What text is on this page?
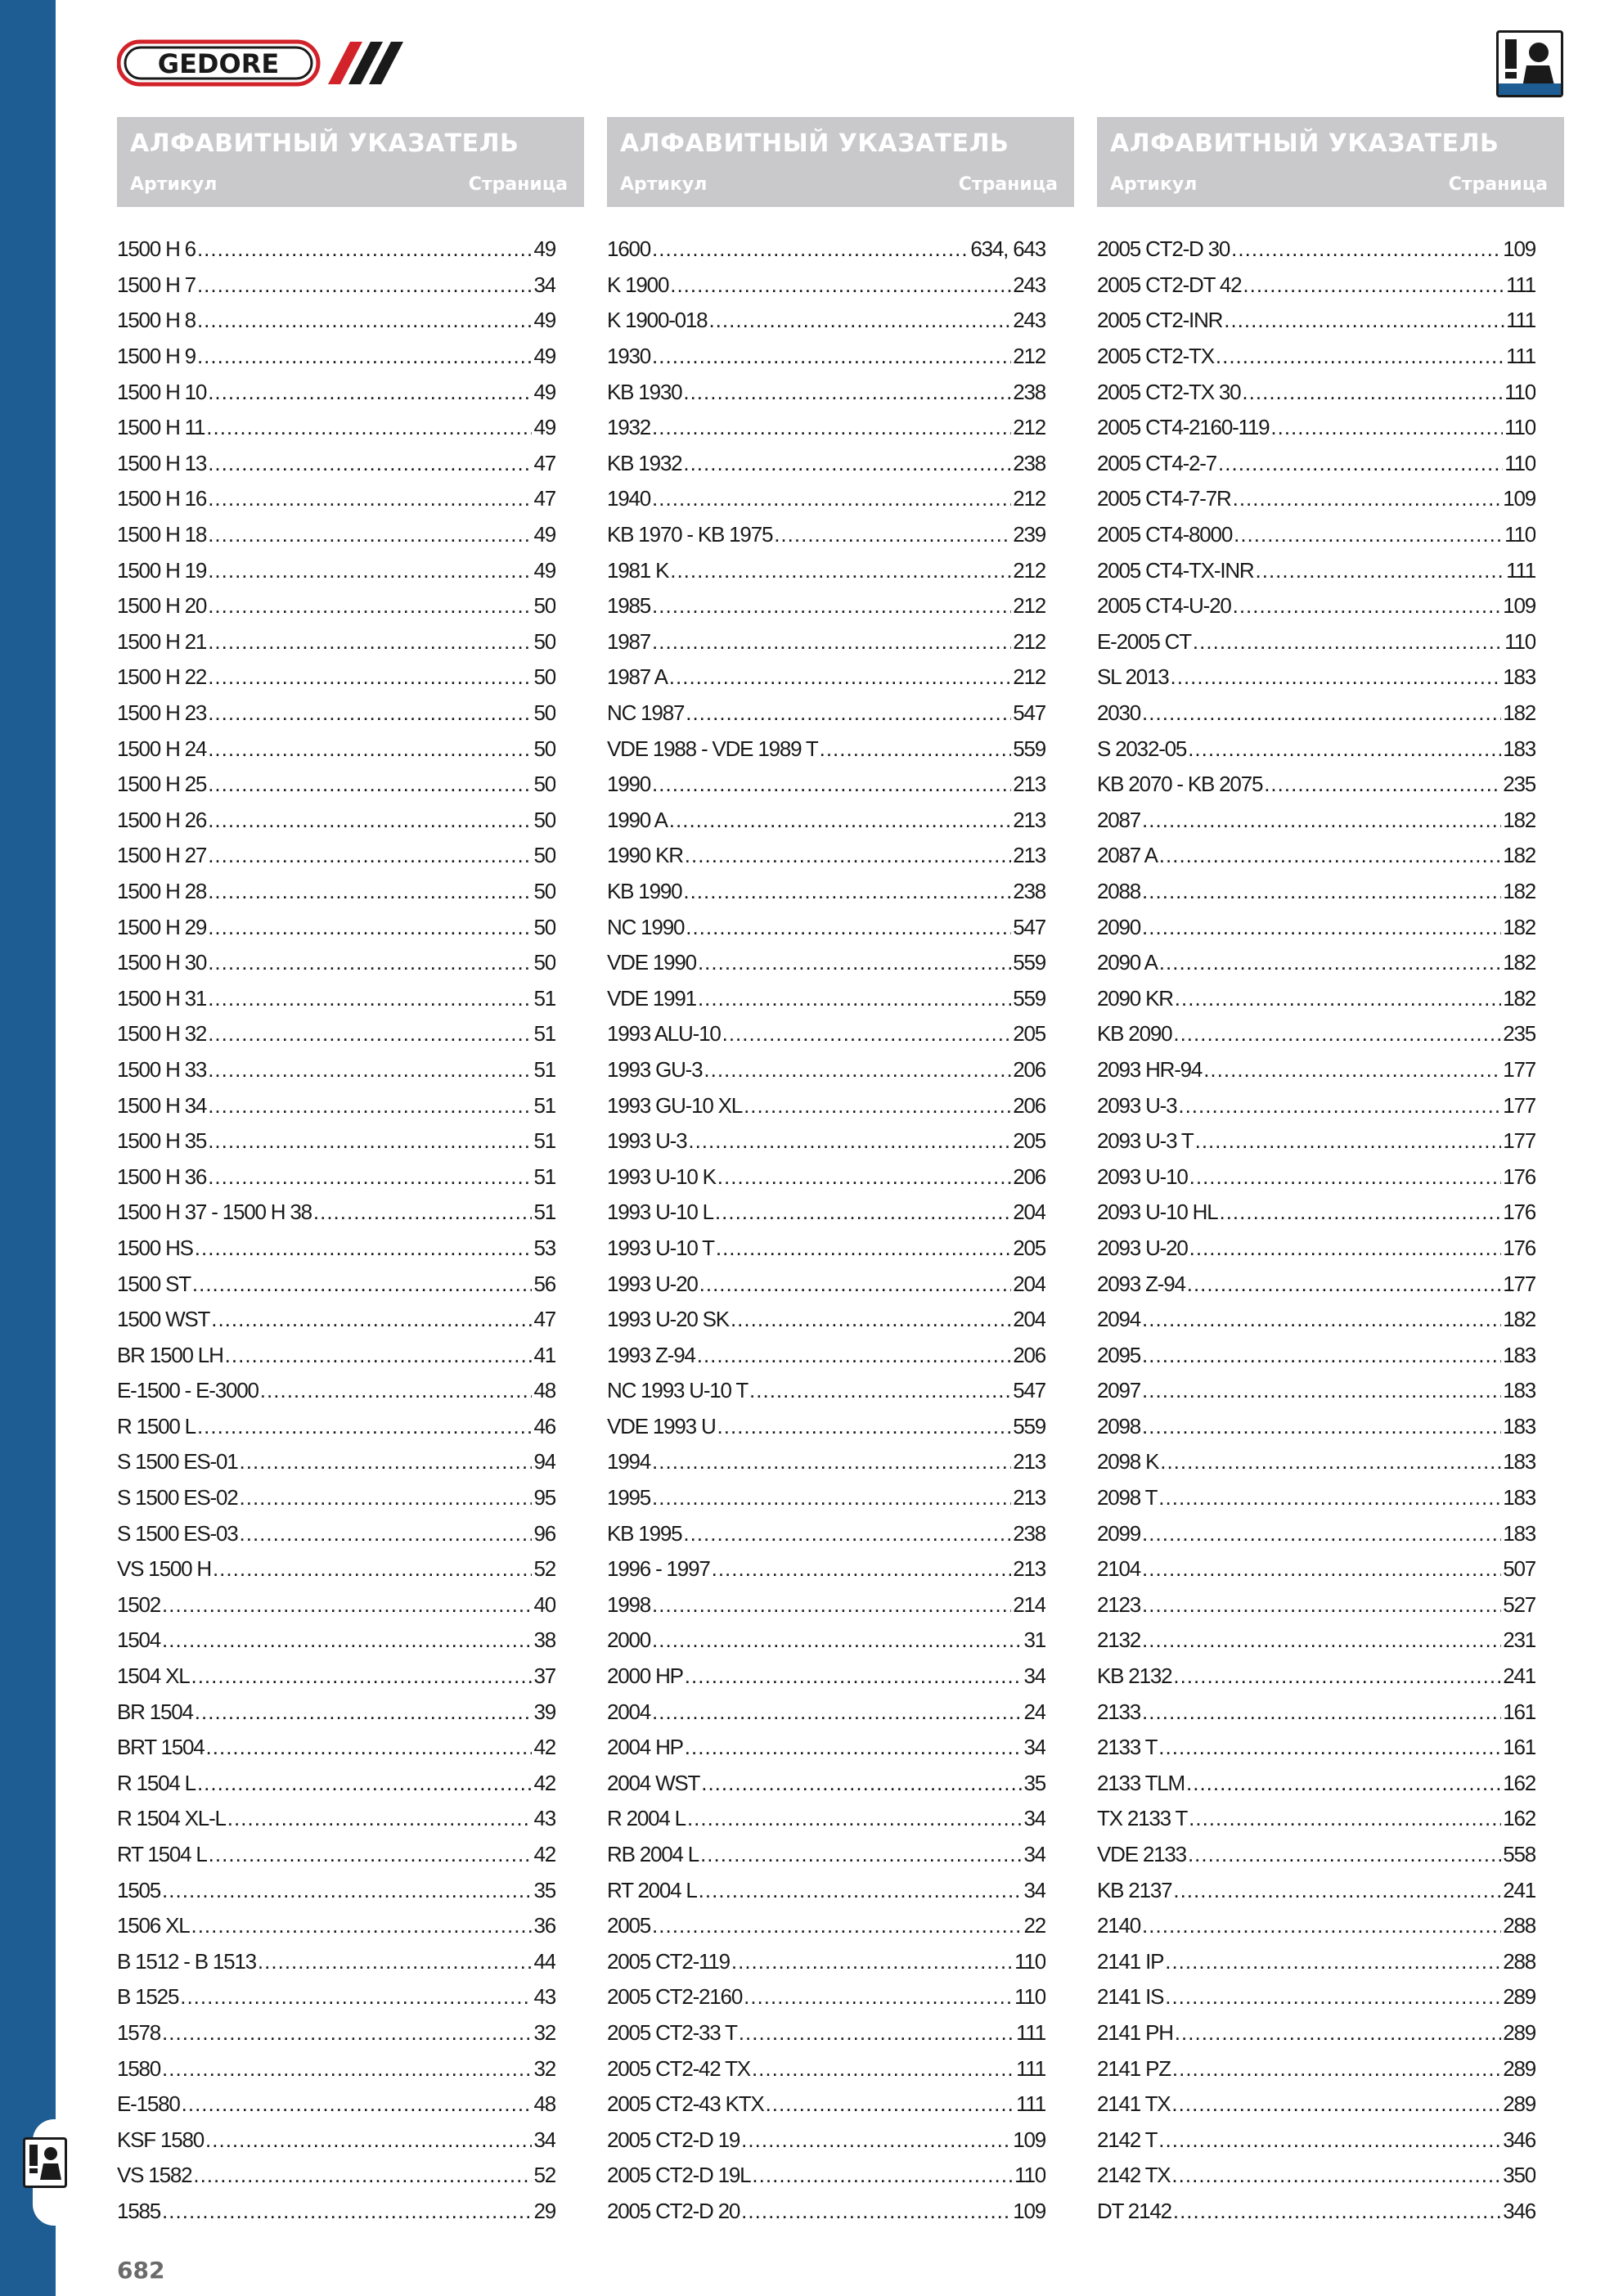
GEDORE
АЛФАВИТНЫЙ УКАЗАТЕЛЬ
Артикул	Страница
АЛФАВИТНЫЙ УКАЗАТЕЛЬ
Артикул	Страница
АЛФАВИТНЫЙ УКАЗАТЕЛЬ
Артикул	Страница
1500 H 6 .....	49
1500 H 7 .....	34
1500 H 8 .....	49
1500 H 9 .....	49
1500 H 10 .....	49
1500 H 11 .....	49
1500 H 13 .....	47
1500 H 16 .....	47
1500 H 18 .....	49
1500 H 19 .....	49
1500 H 20 .....	50
1500 H 21 .....	50
1500 H 22 .....	50
1500 H 23 .....	50
1500 H 24 .....	50
1500 H 25 .....	50
1500 H 26 .....	50
1500 H 27 .....	50
1500 H 28 .....	50
1500 H 29 .....	50
1500 H 30 .....	50
1500 H 31 .....	51
1500 H 32 .....	51
1500 H 33 .....	51
1500 H 34 .....	51
1500 H 35 .....	51
1500 H 36 .....	51
1500 H 37 - 1500 H 38 .....	51
1500 HS .....	53
1500 ST .....	56
1500 WST .....	47
BR 1500 LH .....	41
E-1500 - E-3000 .....	48
R 1500 L .....	46
S 1500 ES-01 .....	94
S 1500 ES-02 .....	95
S 1500 ES-03 .....	96
VS 1500 H .....	52
1502 .....	40
1504 .....	38
1504 XL .....	37
BR 1504 .....	39
BRT 1504 .....	42
R 1504 L .....	42
R 1504 XL-L .....	43
RT 1504 L .....	42
1505 .....	35
1506 XL .....	36
B 1512 - B 1513 .....	44
B 1525 .....	43
1578 .....	32
1580 .....	32
E-1580 .....	48
KSF 1580 .....	34
VS 1582 .....	52
1585 .....	29
1600 .....	634, 643
K 1900 .....	243
K 1900-018 .....	243
1930 .....	212
KB 1930 .....	238
1932 .....	212
KB 1932 .....	238
1940 .....	212
KB 1970 - KB 1975 .....	239
1981 K .....	212
1985 .....	212
1987 .....	212
1987 A .....	212
NC 1987 .....	547
VDE 1988 - VDE 1989 T .....	559
1990 .....	213
1990 A .....	213
1990 KR .....	213
KB 1990 .....	238
NC 1990 .....	547
VDE 1990 .....	559
VDE 1991 .....	559
1993 ALU-10 .....	205
1993 GU-3 .....	206
1993 GU-10 XL .....	206
1993 U-3 .....	205
1993 U-10 K .....	206
1993 U-10 L .....	204
1993 U-10 T .....	205
1993 U-20 .....	204
1993 U-20 SK .....	204
1993 Z-94 .....	206
NC 1993 U-10 T .....	547
VDE 1993 U .....	559
1994 .....	213
1995 .....	213
KB 1995 .....	238
1996 - 1997 .....	213
1998 .....	214
2000 .....	31
2000 HP .....	34
2004 .....	24
2004 HP .....	34
2004 WST .....	35
R 2004 L .....	34
RB 2004 L .....	34
RT 2004 L .....	34
2005 .....	22
2005 CT2-119 .....	110
2005 CT2-2160 .....	110
2005 CT2-33 T .....	111
2005 CT2-42 TX .....	111
2005 CT2-43 KTX .....	111
2005 CT2-D 19 .....	109
2005 CT2-D 19L .....	110
2005 CT2-D 20 .....	109
2005 CT2-D 30 .....	109
2005 CT2-DT 42 .....	111
2005 CT2-INR .....	111
2005 CT2-TX .....	111
2005 CT2-TX 30 .....	110
2005 CT4-2160-119 .....	110
2005 CT4-2-7 .....	110
2005 CT4-7-7R .....	109
2005 CT4-8000 .....	110
2005 CT4-TX-INR .....	111
2005 CT4-U-20 .....	109
E-2005 CT .....	110
SL 2013 .....	183
2030 .....	182
S 2032-05 .....	183
KB 2070 - KB 2075 .....	235
2087 .....	182
2087 A .....	182
2088 .....	182
2090 .....	182
2090 A .....	182
2090 KR .....	182
KB 2090 .....	235
2093 HR-94 .....	177
2093 U-3 .....	177
2093 U-3 T .....	177
2093 U-10 .....	176
2093 U-10 HL .....	176
2093 U-20 .....	176
2093 Z-94 .....	177
2094 .....	182
2095 .....	183
2097 .....	183
2098 .....	183
2098 K .....	183
2098 T .....	183
2099 .....	183
2104 .....	507
2123 .....	527
2132 .....	231
KB 2132 .....	241
2133 .....	161
2133 T .....	161
2133 TLM .....	162
TX 2133 T .....	162
VDE 2133 .....	558
KB 2137 .....	241
2140 .....	288
2141 IP .....	288
2141 IS .....	289
2141 PH .....	289
2141 PZ .....	289
2141 TX .....	289
2142 T .....	346
2142 TX .....	350
DT 2142 .....	346
682
